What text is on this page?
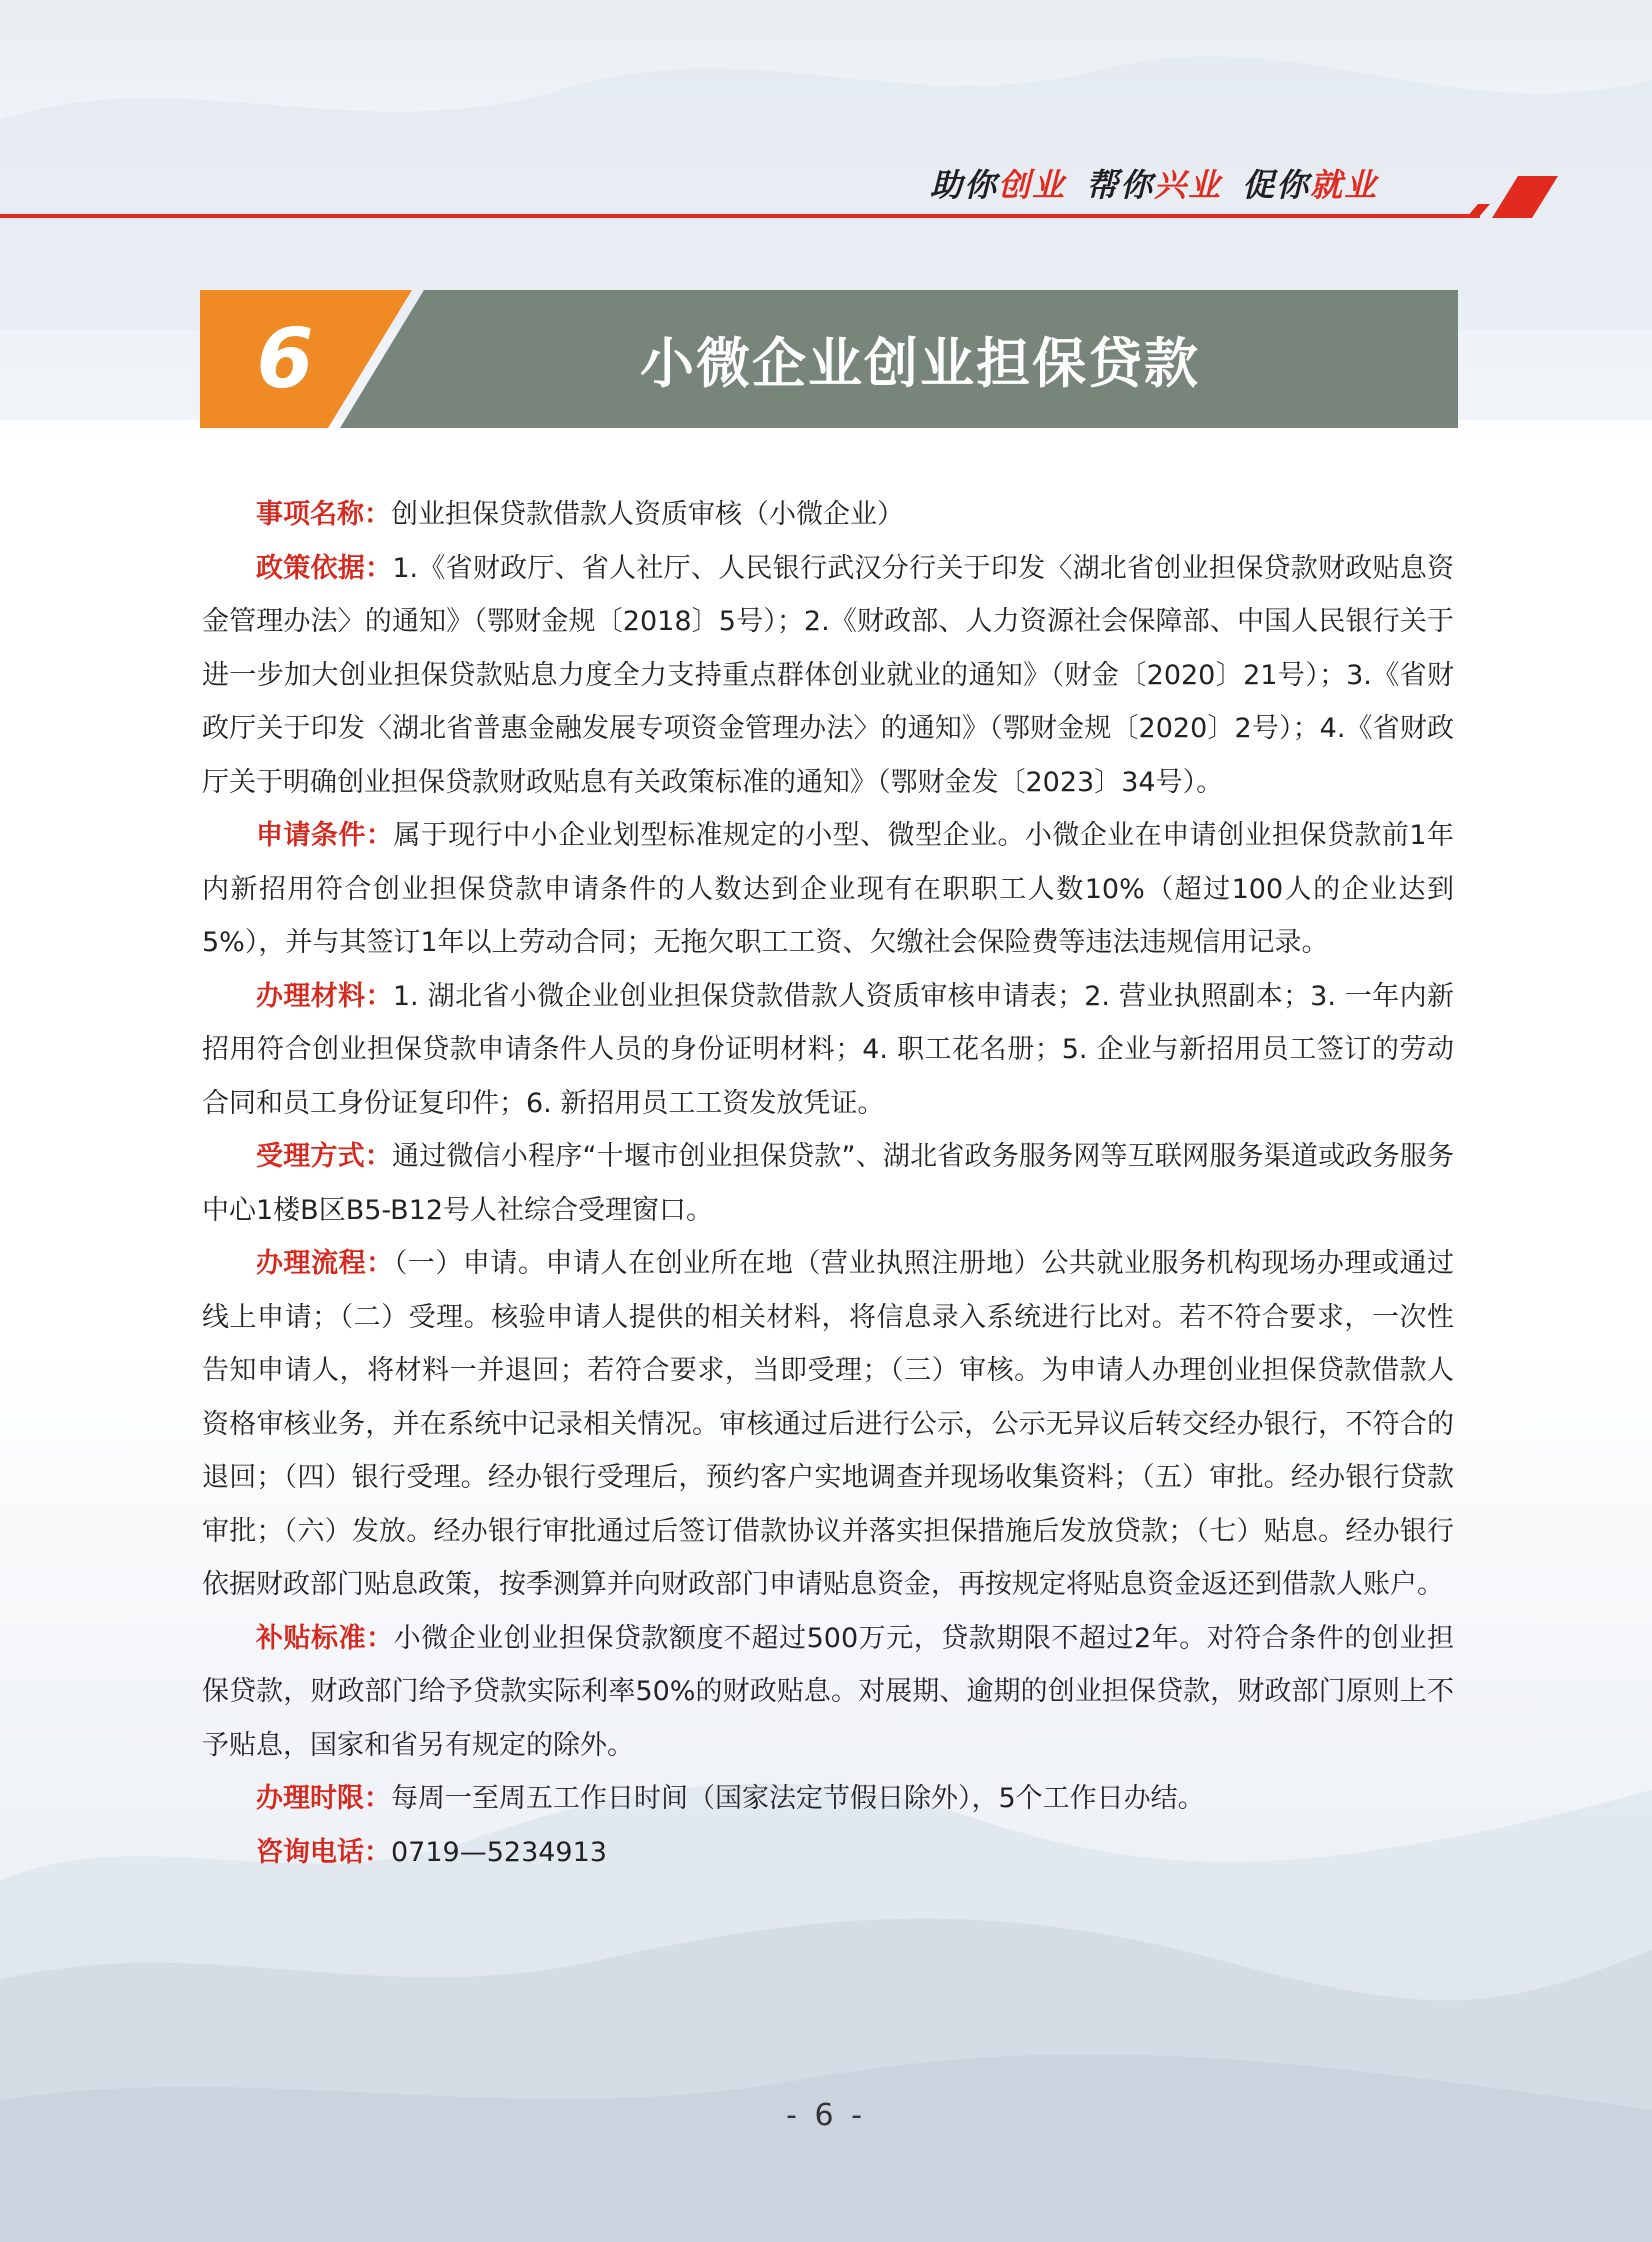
助你创业 帮你兴业 促你就业
6	小微企业创业担保贷款

事项名称：创业担保贷款借款人资质审核（小微企业）

政策依据：1.《省财政厅、省人社厅、人民银行武汉分行关于印发〈湖北省创业担保贷款财政贴息资金管理办法〉的通知》（鄂财金规〔2018〕5号）；2.《财政部、人力资源社会保障部、中国人民银行关于进一步加大创业担保贷款贴息力度全力支持重点群体创业就业的通知》（财金〔2020〕21号）；3.《省财政厅关于印发〈湖北省普惠金融发展专项资金管理办法〉的通知》（鄂财金规〔2020〕2号）；4.《省财政厅关于明确创业担保贷款财政贴息有关政策标准的通知》（鄂财金发〔2023〕34号）。

申请条件：属于现行中小企业划型标准规定的小型、微型企业。小微企业在申请创业担保贷款前1年内新招用符合创业担保贷款申请条件的人数达到企业现有在职职工人数10%（超过100人的企业达到5%），并与其签订1年以上劳动合同；无拖欠职工工资、欠缴社会保险费等违法违规信用记录。

办理材料：1. 湖北省小微企业创业担保贷款借款人资质审核申请表；2. 营业执照副本；3. 一年内新招用符合创业担保贷款申请条件人员的身份证明材料；4. 职工花名册；5. 企业与新招用员工签订的劳动合同和员工身份证复印件；6. 新招用员工工资发放凭证。

受理方式：通过微信小程序“十堰市创业担保贷款”、湖北省政务服务网等互联网服务渠道或政务服务中心1楼B区B5-B12号人社综合受理窗口。

办理流程：（一）申请。申请人在创业所在地（营业执照注册地）公共就业服务机构现场办理或通过线上申请；（二）受理。核验申请人提供的相关材料，将信息录入系统进行比对。若不符合要求，一次性告知申请人，将材料一并退回；若符合要求，当即受理；（三）审核。为申请人办理创业担保贷款借款人资格审核业务，并在系统中记录相关情况。审核通过后进行公示，公示无异议后转交经办银行，不符合的退回；（四）银行受理。经办银行受理后，预约客户实地调查并现场收集资料；（五）审批。经办银行贷款审批；（六）发放。经办银行审批通过后签订借款协议并落实担保措施后发放贷款；（七）贴息。经办银行依据财政部门贴息政策，按季测算并向财政部门申请贴息资金，再按规定将贴息资金返还到借款人账户。

补贴标准：小微企业创业担保贷款额度不超过500万元，贷款期限不超过2年。对符合条件的创业担保贷款，财政部门给予贷款实际利率50%的财政贴息。对展期、逾期的创业担保贷款，财政部门原则上不予贴息，国家和省另有规定的除外。

办理时限：每周一至周五工作日时间（国家法定节假日除外），5个工作日办结。

咨询电话：0719—5234913

- 6 -
